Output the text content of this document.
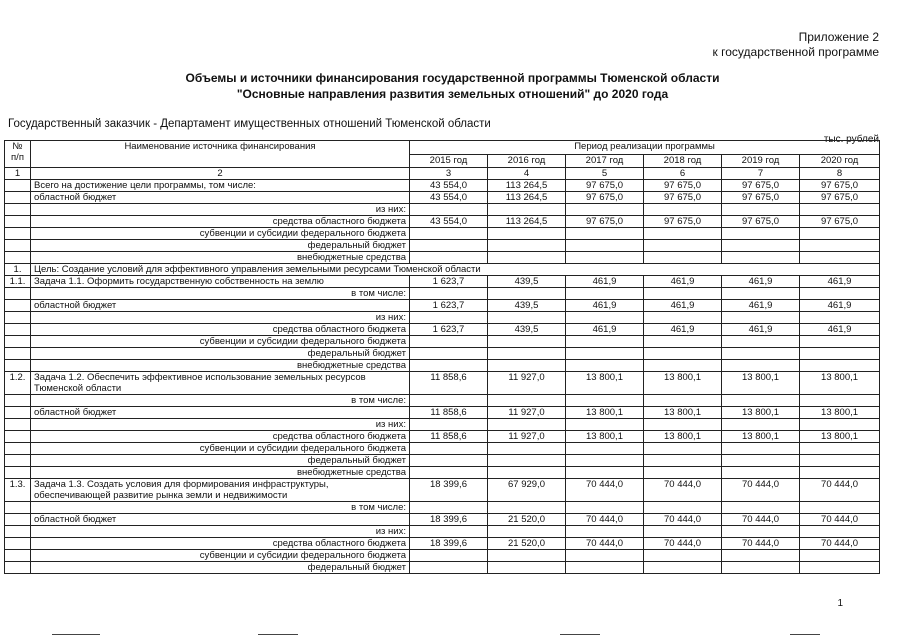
Приложение 2
к государственной программе
Объемы и источники финансирования государственной программы Тюменской области
"Основные направления развития земельных отношений" до 2020 года
Государственный заказчик - Департамент имущественных отношений Тюменской области
тыс. рублей
№ п/п	Наименование источника финансирования	Период реализации программы					
		2015 год	2016 год	2017 год	2018 год	2019 год	2020 год
1	2	3	4	5	6	7	8
	Всего на достижение цели программы, том числе:	43 554,0	113 264,5	97 675,0	97 675,0	97 675,0	97 675,0
	областной бюджет	43 554,0	113 264,5	97 675,0	97 675,0	97 675,0	97 675,0
	из них:						
	средства областного бюджета	43 554,0	113 264,5	97 675,0	97 675,0	97 675,0	97 675,0
	субвенции и субсидии федерального бюджета						
	федеральный бюджет						
	внебюджетные средства						
1.	Цель: Создание условий для эффективного управления земельными ресурсами Тюменской области						
1.1.	Задача 1.1. Оформить государственную собственность на землю	1 623,7	439,5	461,9	461,9	461,9	461,9
	в том числе:						
	областной бюджет	1 623,7	439,5	461,9	461,9	461,9	461,9
	из них:						
	средства областного бюджета	1 623,7	439,5	461,9	461,9	461,9	461,9
	субвенции и субсидии федерального бюджета						
	федеральный бюджет						
	внебюджетные средства						
1.2.	Задача 1.2. Обеспечить эффективное использование земельных ресурсов Тюменской области	11 858,6	11 927,0	13 800,1	13 800,1	13 800,1	13 800,1
	в том числе:						
	областной бюджет	11 858,6	11 927,0	13 800,1	13 800,1	13 800,1	13 800,1
	из них:						
	средства областного бюджета	11 858,6	11 927,0	13 800,1	13 800,1	13 800,1	13 800,1
	субвенции и субсидии федерального бюджета						
	федеральный бюджет						
	внебюджетные средства						
1.3.	Задача 1.3. Создать условия для формирования инфраструктуры, обеспечивающей развитие рынка земли и недвижимости	18 399,6	67 929,0	70 444,0	70 444,0	70 444,0	70 444,0
	в том числе:						
	областной бюджет	18 399,6	21 520,0	70 444,0	70 444,0	70 444,0	70 444,0
	из них:						
	средства областного бюджета	18 399,6	21 520,0	70 444,0	70 444,0	70 444,0	70 444,0
	субвенции и субсидии федерального бюджета						
	федеральный бюджет						
1
